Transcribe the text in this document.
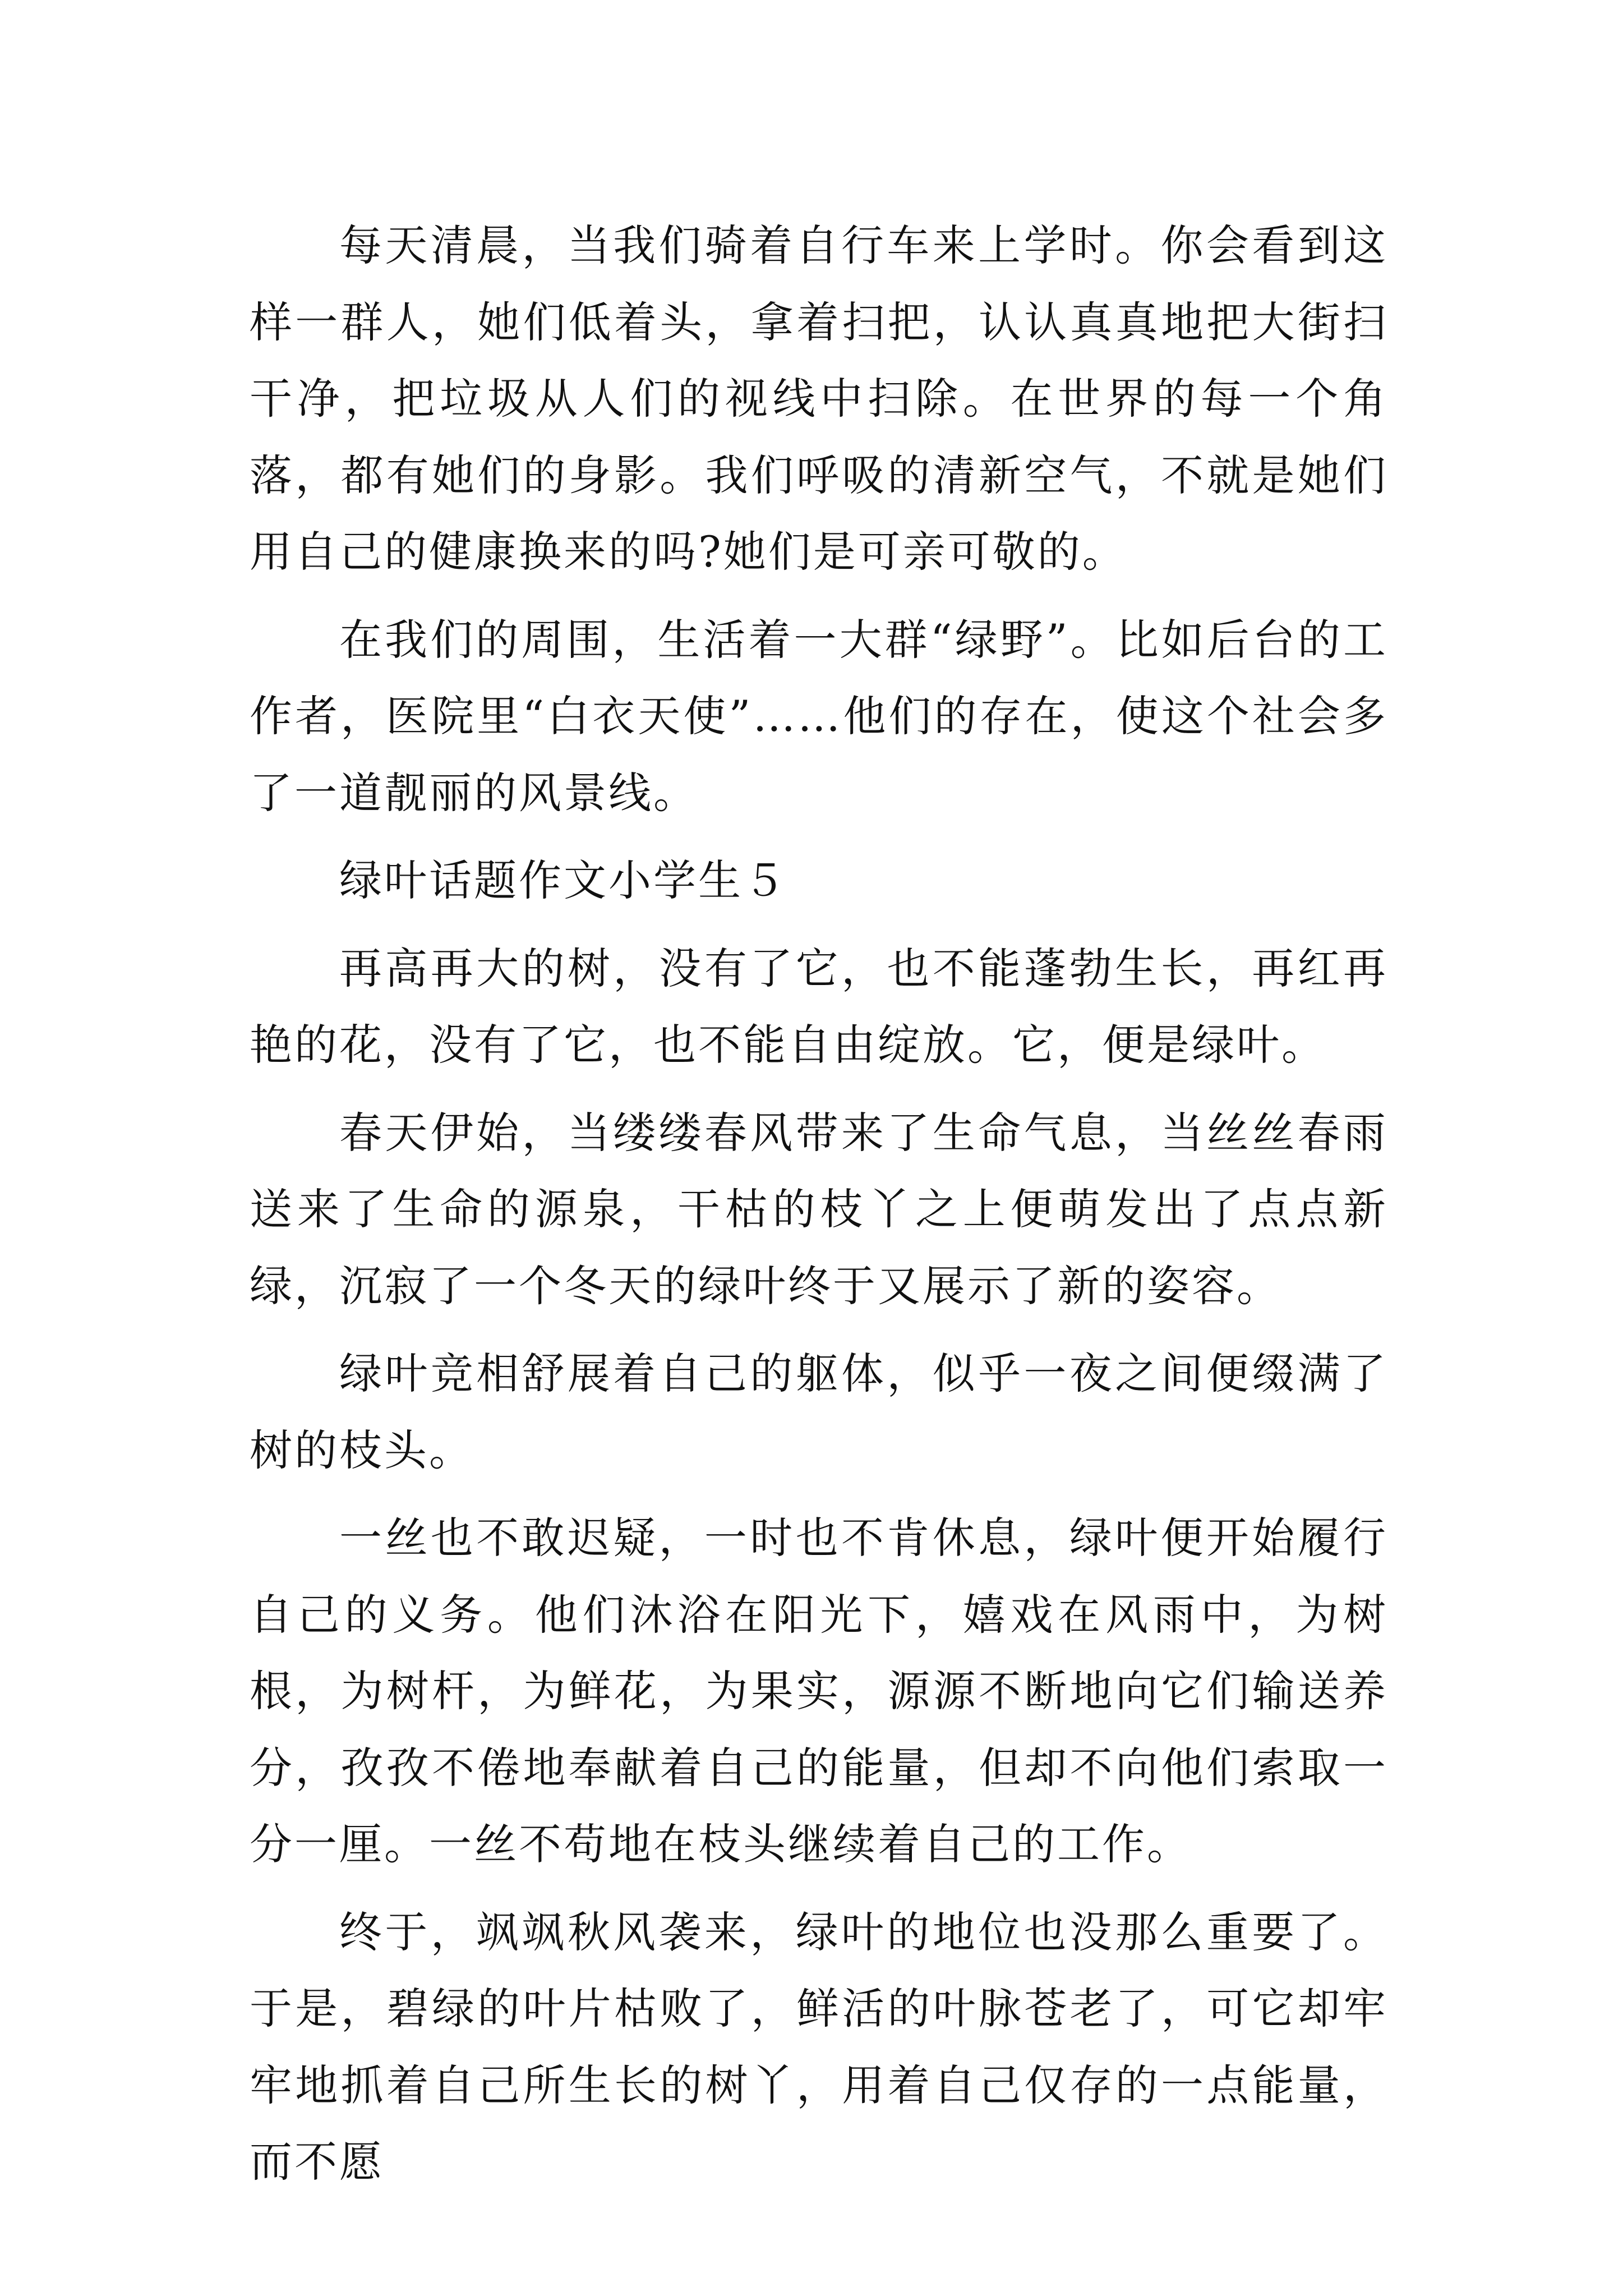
每天清晨，当我们骑着自行车来上学时。你会看到这样一群人，她们低着头，拿着扫把，认认真真地把大街扫干净，把垃圾从人们的视线中扫除。在世界的每一个角落，都有她们的身影。我们呼吸的清新空气，不就是她们用自己的健康换来的吗?她们是可亲可敬的。

在我们的周围，生活着一大群“绿野”。比如后台的工作者，医院里“白衣天使”……他们的存在，使这个社会多了一道靓丽的风景线。

绿叶话题作文小学生５

再高再大的树，没有了它，也不能蓬勃生长，再红再艳的花，没有了它，也不能自由绽放。它，便是绿叶。

春天伊始，当缕缕春风带来了生命气息，当丝丝春雨送来了生命的源泉，干枯的枝丫之上便萌发出了点点新绿，沉寂了一个冬天的绿叶终于又展示了新的姿容。

绿叶竞相舒展着自己的躯体，似乎一夜之间便缀满了树的枝头。

一丝也不敢迟疑，一时也不肯休息，绿叶便开始履行自己的义务。他们沐浴在阳光下，嬉戏在风雨中，为树根，为树杆，为鲜花，为果实，源源不断地向它们输送养分，孜孜不倦地奉献着自己的能量，但却不向他们索取一分一厘。一丝不苟地在枝头继续着自己的工作。

终于，飒飒秋风袭来，绿叶的地位也没那么重要了。于是，碧绿的叶片枯败了，鲜活的叶脉苍老了，可它却牢牢地抓着自己所生长的树丫，用着自己仅存的一点能量，而不愿
